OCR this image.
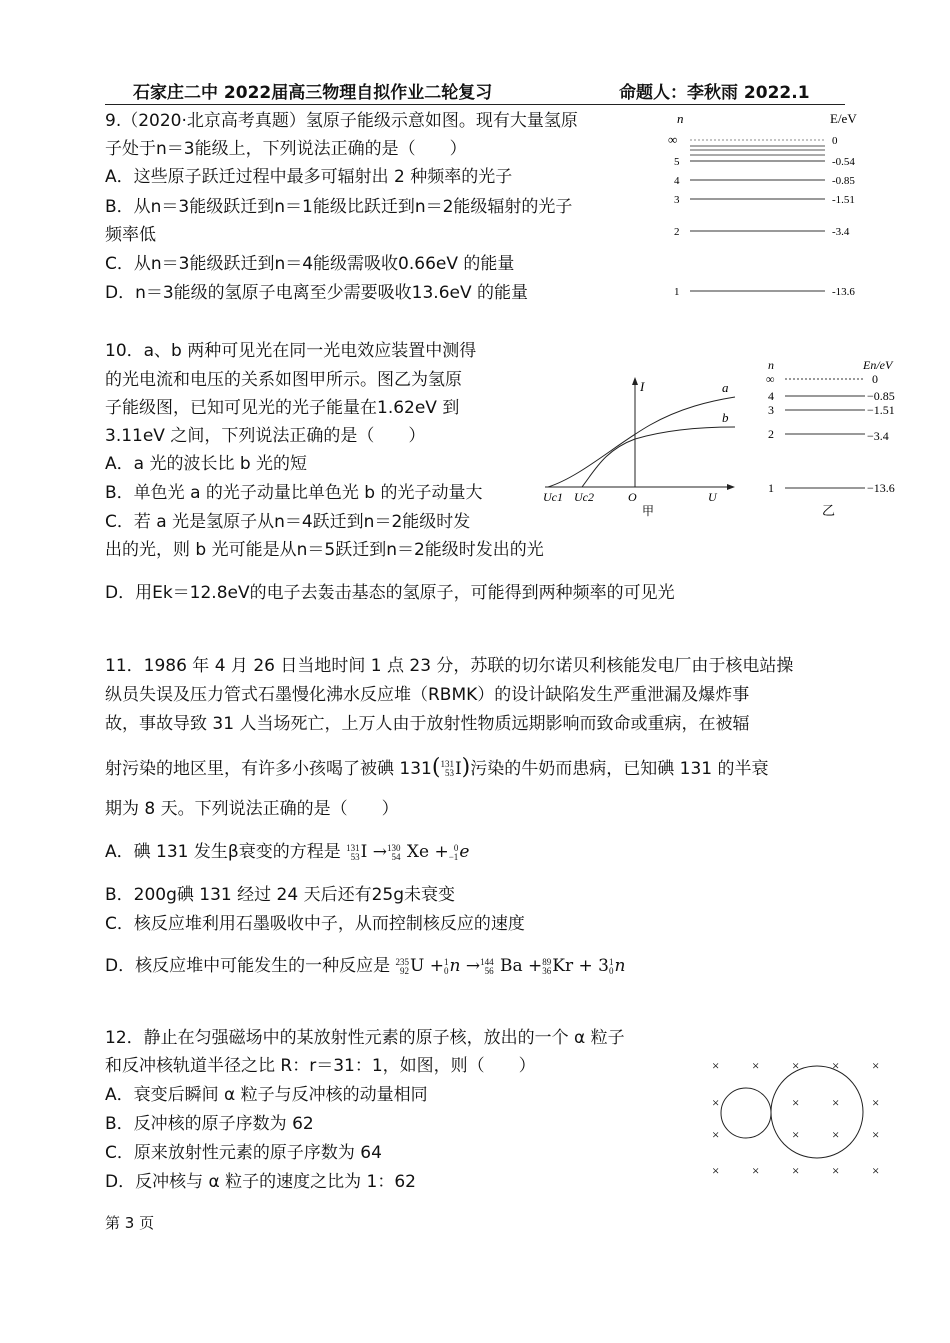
石家庄二中 2022届高三物理自拟作业二轮复习	命题人：李秋雨 2022.1
9.（2020·北京高考真题）氢原子能级示意如图。现有大量氢原
子处于n＝3能级上，下列说法正确的是（　　）
A．这些原子跃迁过程中最多可辐射出 2 种频率的光子
B．从n＝3能级跃迁到n＝1能级比跃迁到n＝2能级辐射的光子
频率低
C．从n＝3能级跃迁到n＝4能级需吸收0.66eV 的能量
D．n＝3能级的氢原子电离至少需要吸收13.6eV 的能量
n	E/eV
∞
5
4
3
2
1
0
-0.54
-0.85
-1.51
-3.4
-13.6
10．a、b 两种可见光在同一光电效应装置中测得
的光电流和电压的关系如图甲所示。图乙为氢原
子能级图，已知可见光的光子能量在1.62eV 到
3.11eV 之间，下列说法正确的是（　　）
A．a 光的波长比 b 光的短
B．单色光 a 的光子动量比单色光 b 的光子动量大
C．若 a 光是氢原子从n＝4跃迁到n＝2能级时发
出的光，则 b 光可能是从n＝5跃迁到n＝2能级时发出的光
D．用Ek＝12.8eV的电子去轰击基态的氢原子，可能得到两种频率的可见光
I	a
b
Uc1 Uc2	O	U
甲
n	En/eV
∞
4
3
2
1
0
−0.85
−1.51
−3.4
−13.6
乙
11．1986 年 4 月 26 日当地时间 1 点 23 分，苏联的切尔诺贝利核能发电厂由于核电站操
纵员失误及压力管式石墨慢化沸水反应堆（RBMK）的设计缺陷发生严重泄漏及爆炸事
故，事故导致 31 人当场死亡，上万人由于放射性物质远期影响而致命或重病，在被辐
射污染的地区里，有许多小孩喝了被碘 131(131
53I)污染的牛奶而患病，已知碘 131 的半衰
期为 8 天。下列说法正确的是（　　）
A．碘 131 发生β衰变的方程是 131
53I →130
54 Xe + 0
−1e
B．200g碘 131 经过 24 天后还有25g未衰变
C．核反应堆利用石墨吸收中子，从而控制核反应的速度
D．核反应堆中可能发生的一种反应是 235
92U +1
0n →144
56 Ba +89
36Kr + 31
0n
12．静止在匀强磁场中的某放射性元素的原子核，放出的一个 α 粒子
和反冲核轨道半径之比 R：r＝31：1，如图，则（　　）
A．衰变后瞬间 α 粒子与反冲核的动量相同
B．反冲核的原子序数为 62
C．原来放射性元素的原子序数为 64
D．反冲核与 α 粒子的速度之比为 1：62
×	×	×	×	×
×	×	×	×
×	×	×	×
×	×	×	×	×
第 3 页
